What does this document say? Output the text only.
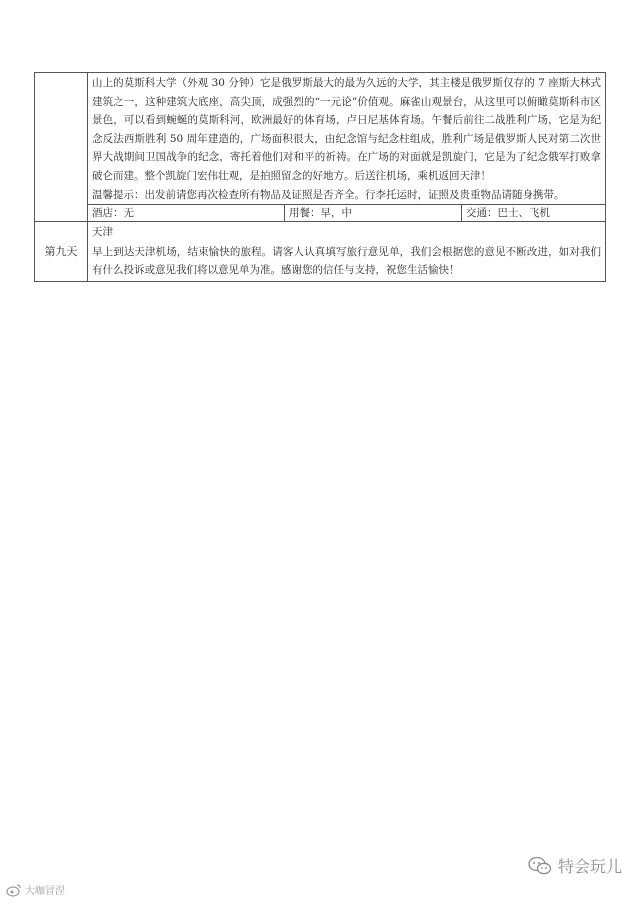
山上的莫斯科大学（外观 30 分钟）它是俄罗斯最大的最为久远的大学，其主楼是俄罗斯仅存的 7 座斯大林式建筑之一，这种建筑大底座，高尖顶，成强烈的“一元论”价值观。麻雀山观景台，从这里可以俯瞰莫斯科市区景色，可以看到蜿蜒的莫斯科河，欧洲最好的体育场，卢日尼基体育场。午餐后前往二战胜利广场，它是为纪念反法西斯胜利 50 周年建造的，广场面积很大，由纪念馆与纪念柱组成，胜利广场是俄罗斯人民对第二次世界大战期间卫国战争的纪念，寄托着他们对和平的祈祷。在广场的对面就是凯旋门，它是为了纪念俄军打败拿破仑而建。整个凯旋门宏伟壮观，是拍照留念的好地方。后送往机场，乘机返回天津！
温馨提示：出发前请您再次检查所有物品及证照是否齐全。行李托运时，证照及贵重物品请随身携带。
酒店：无	用餐：早，中	交通：巴士、飞机

第九天	
天津
早上到达天津机场，结束愉快的旅程。请客人认真填写旅行意见单，我们会根据您的意见不断改进，如对我们有什么投诉或意见我们将以意见单为准。感谢您的信任与支持，祝您生活愉快！
大咖冒涅
特会玩儿
